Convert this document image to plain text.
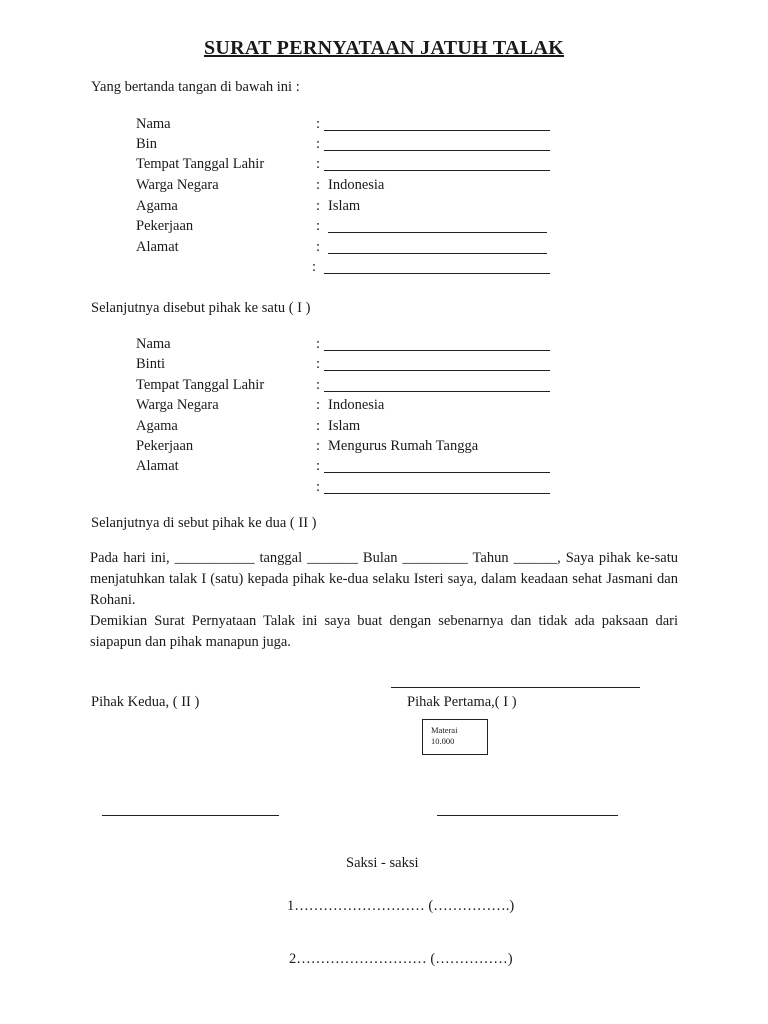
SURAT PERNYATAAN JATUH TALAK
Yang bertanda tangan di bawah ini :
Nama	:
Bin	:
Tempat Tanggal Lahir	:
Warga Negara	: Indonesia
Agama	: Islam
Pekerjaan	:
Alamat	:
:
Selanjutnya disebut pihak ke satu ( I )
Nama	:
Binti	:
Tempat Tanggal Lahir	:
Warga Negara	: Indonesia
Agama	: Islam
Pekerjaan	: Mengurus Rumah Tangga
Alamat	:
:
Selanjutnya di sebut pihak ke dua ( II )

Pada hari ini, ___________ tanggal _______ Bulan _________ Tahun ______, Saya pihak ke-satu menjatuhkan talak I (satu) kepada pihak ke-dua selaku Isteri saya, dalam keadaan sehat Jasmani dan Rohani.

Demikian Surat Pernyataan Talak ini saya buat dengan sebenarnya dan tidak ada paksaan dari siapapun dan pihak manapun juga.

Pihak Kedua, ( II )	Pihak Pertama,( I )
Materai
10.000
Saksi - saksi
1……………………… (…………….)
2……………………… (……………)
